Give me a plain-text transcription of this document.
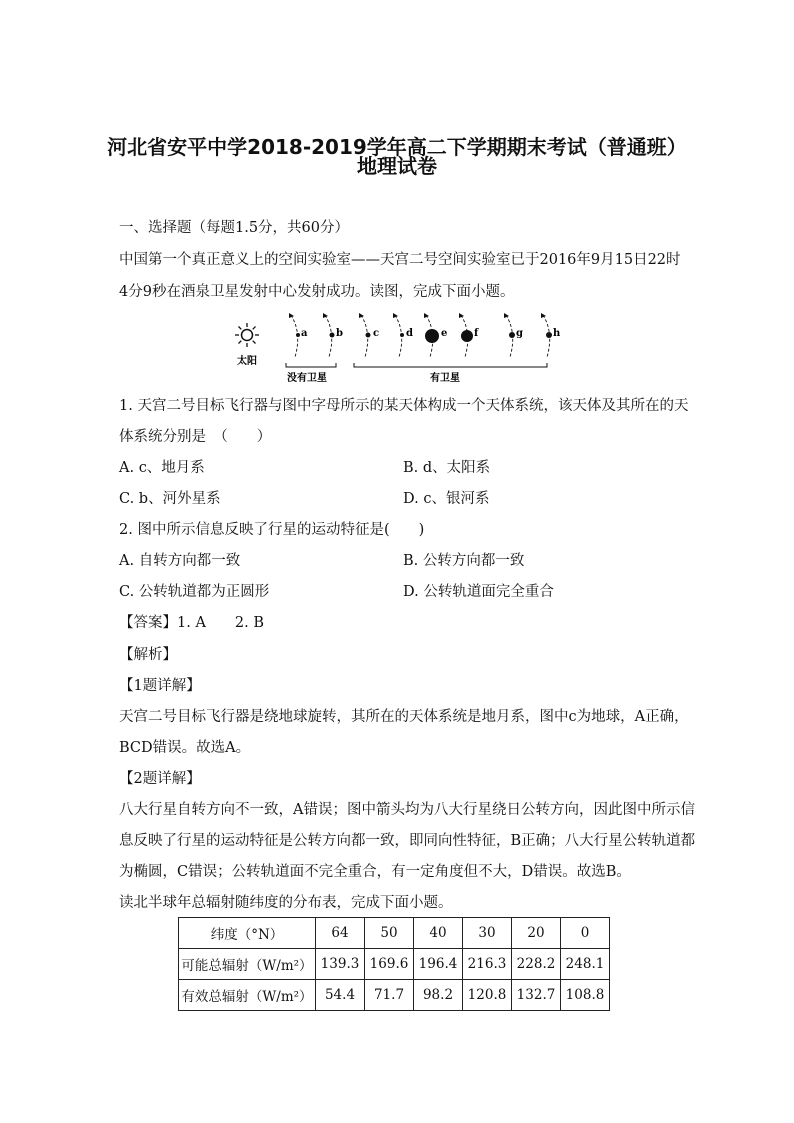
河北省安平中学2018-2019学年高二下学期期末考试（普通班）
地理试卷
一、选择题（每题1.5分，共60分）
中国第一个真正意义上的空间实验室——天宫二号空间实验室已于2016年9月15日22时
4分9秒在酒泉卫星发射中心发射成功。读图，完成下面小题。
太阳
a	b	c	d	e	f	g	h
没有卫星	有卫星
1. 天宫二号目标飞行器与图中字母所示的某天体构成一个天体系统，该天体及其所在的天
体系统分别是　（　　）
A. c、地月系	B. d、太阳系
C. b、河外星系	D. c、银河系
2. 图中所示信息反映了行星的运动特征是(　　)
A. 自转方向都一致	B. 公转方向都一致
C. 公转轨道都为正圆形	D. 公转轨道面完全重合
【答案】1. A　　2. B
【解析】
【1题详解】
天宫二号目标飞行器是绕地球旋转，其所在的天体系统是地月系，图中c为地球，A正确，
BCD错误。故选A。
【2题详解】
八大行星自转方向不一致，A错误；图中箭头均为八大行星绕日公转方向，因此图中所示信
息反映了行星的运动特征是公转方向都一致，即同向性特征，B正确；八大行星公转轨道都
为椭圆，C错误；公转轨道面不完全重合，有一定角度但不大，D错误。故选B。
读北半球年总辐射随纬度的分布表，完成下面小题。
纬度（°N）	64	50	40	30	20	0
可能总辐射（W/m²）	139.3	169.6	196.4	216.3	228.2	248.1
有效总辐射（W/m²）	54.4	71.7	98.2	120.8	132.7	108.8
